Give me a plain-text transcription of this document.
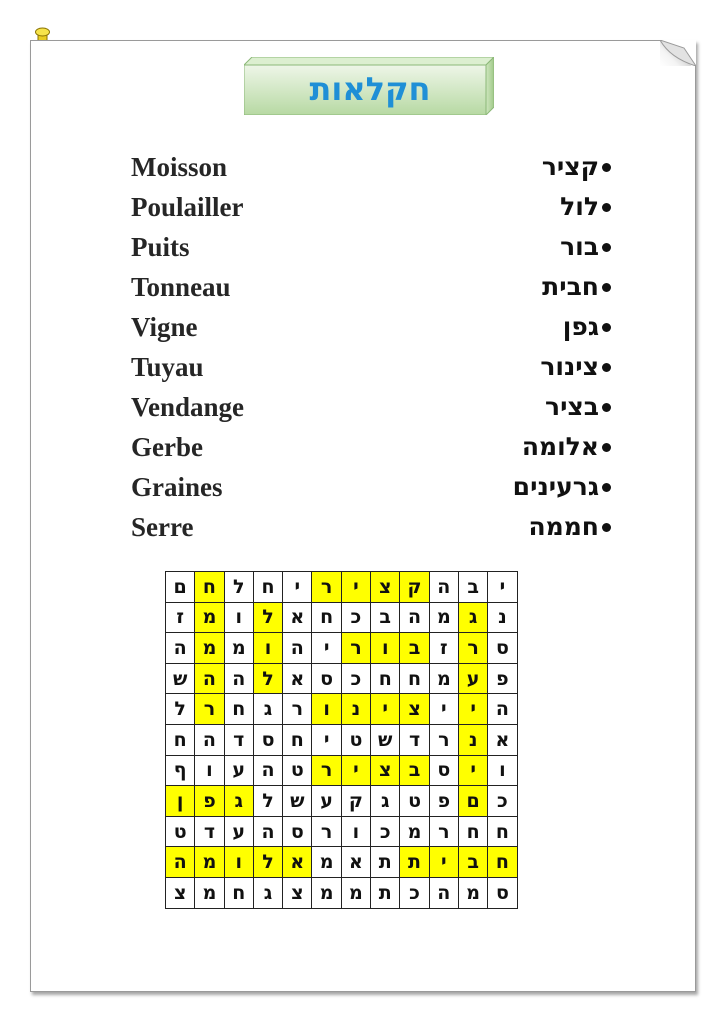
חקלאות
Moisson	קציר
Poulailler	לול
Puits	בור
Tonneau	חבית
Vigne	גפן
Tuyau	צינור
Vendange	בציר
Gerbe	אלומה
Graines	גרעינים
Serre	חממה
י	ב	ה	ק	צ	י	ר	י	ח	ל	ח	ם
נ	ג	מ	ה	ב	כ	ח	א	ל	ו	מ	ז
ס	ר	ז	ב	ו	ר	י	ה	ו	מ	מ	ה
פ	ע	מ	ח	ח	כ	ס	א	ל	ה	ה	ש
ה	י	י	צ	י	נ	ו	ר	ג	ח	ר	ל
א	נ	ר	ד	ש	ט	י	ח	ס	ד	ה	ח
ו	י	ס	ב	צ	י	ר	ט	ה	ע	ו	ף
כ	ם	פ	ט	ג	ק	ע	ש	ל	ג	פ	ן
ח	ח	ר	מ	כ	ו	ר	ס	ה	ע	ד	ט
ח	ב	י	ת	ת	א	מ	א	ל	ו	מ	ה
ס	מ	ה	כ	ת	מ	מ	צ	ג	ח	מ	צ
